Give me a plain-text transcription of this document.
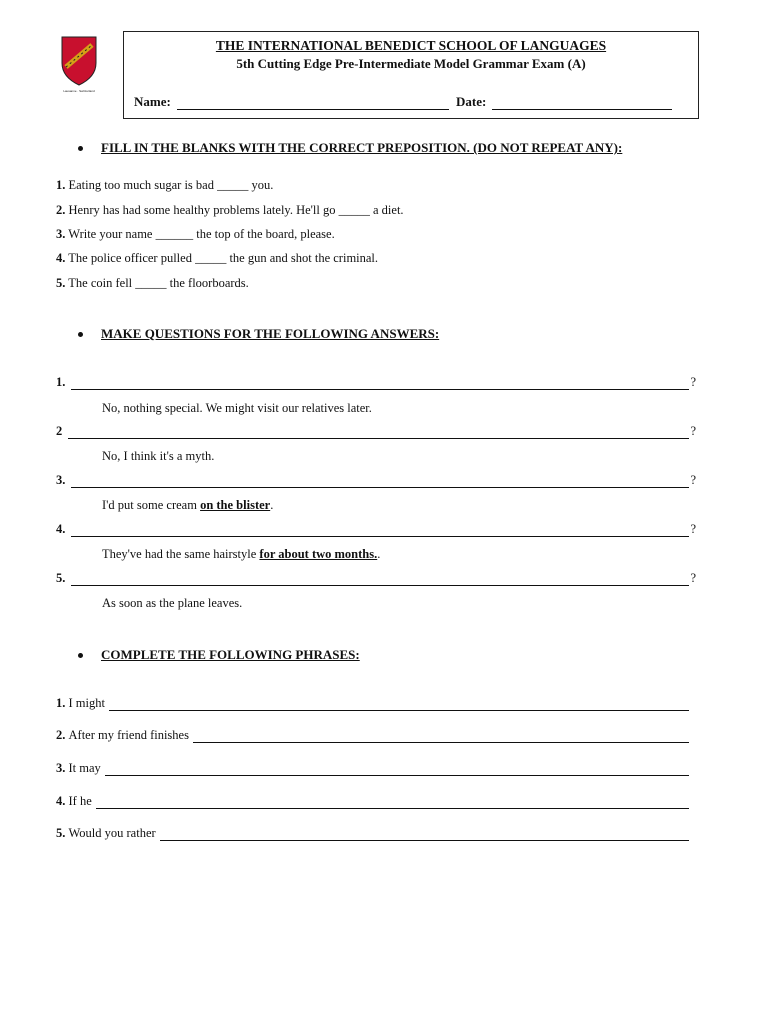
Lausanne · Switzerland
THE INTERNATIONAL BENEDICT SCHOOL OF LANGUAGES
5th Cutting Edge Pre-Intermediate Model Grammar Exam (A)
Name:	Date:
FILL IN THE BLANKS WITH THE CORRECT PREPOSITION. (DO NOT REPEAT ANY):
1. Eating too much sugar is bad _____ you.
2. Henry has had some healthy problems lately. He'll go _____ a diet.
3. Write your name ______ the top of the board, please.
4. The police officer pulled _____ the gun and shot the criminal.
5. The coin fell _____ the floorboards.
MAKE QUESTIONS FOR THE FOLLOWING ANSWERS:
1.	?
No, nothing special. We might visit our relatives later.
2	?
No, I think it's a myth.
3.	?
I'd put some cream on the blister.
4.	?
They've had the same hairstyle for about two months..
5.	?
As soon as the plane leaves.
COMPLETE THE FOLLOWING PHRASES:
1.
I might
2.
After my friend finishes
3.
It may
4.
If he
5.
Would you rather
